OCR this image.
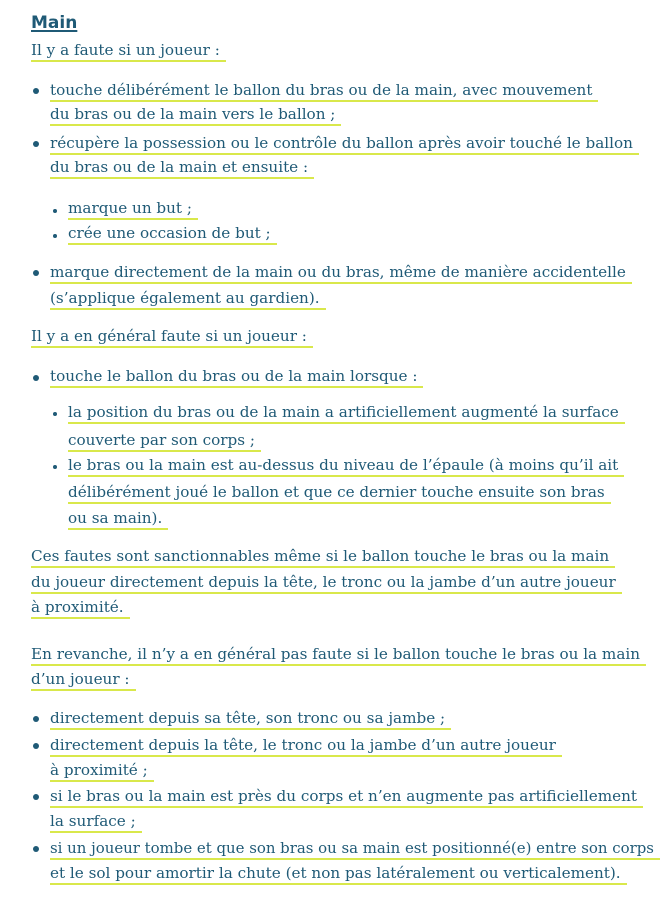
Main
Il y a faute si un joueur :
touche délibérément le ballon du bras ou de la main, avec mouvement
du bras ou de la main vers le ballon ;
récupère la possession ou le contrôle du ballon après avoir touché le ballon
du bras ou de la main et ensuite :
marque un but ;
crée une occasion de but ;
marque directement de la main ou du bras, même de manière accidentelle
(s’applique également au gardien).
Il y a en général faute si un joueur :
touche le ballon du bras ou de la main lorsque :
la position du bras ou de la main a artificiellement augmenté la surface
couverte par son corps ;
le bras ou la main est au-dessus du niveau de l’épaule (à moins qu’il ait
délibérément joué le ballon et que ce dernier touche ensuite son bras
ou sa main).
Ces fautes sont sanctionnables même si le ballon touche le bras ou la main
du joueur directement depuis la tête, le tronc ou la jambe d’un autre joueur
à proximité.
En revanche, il n’y a en général pas faute si le ballon touche le bras ou la main
d’un joueur :
directement depuis sa tête, son tronc ou sa jambe ;
directement depuis la tête, le tronc ou la jambe d’un autre joueur
à proximité ;
si le bras ou la main est près du corps et n’en augmente pas artificiellement
la surface ;
si un joueur tombe et que son bras ou sa main est positionné(e) entre son corps
et le sol pour amortir la chute (et non pas latéralement ou verticalement).
